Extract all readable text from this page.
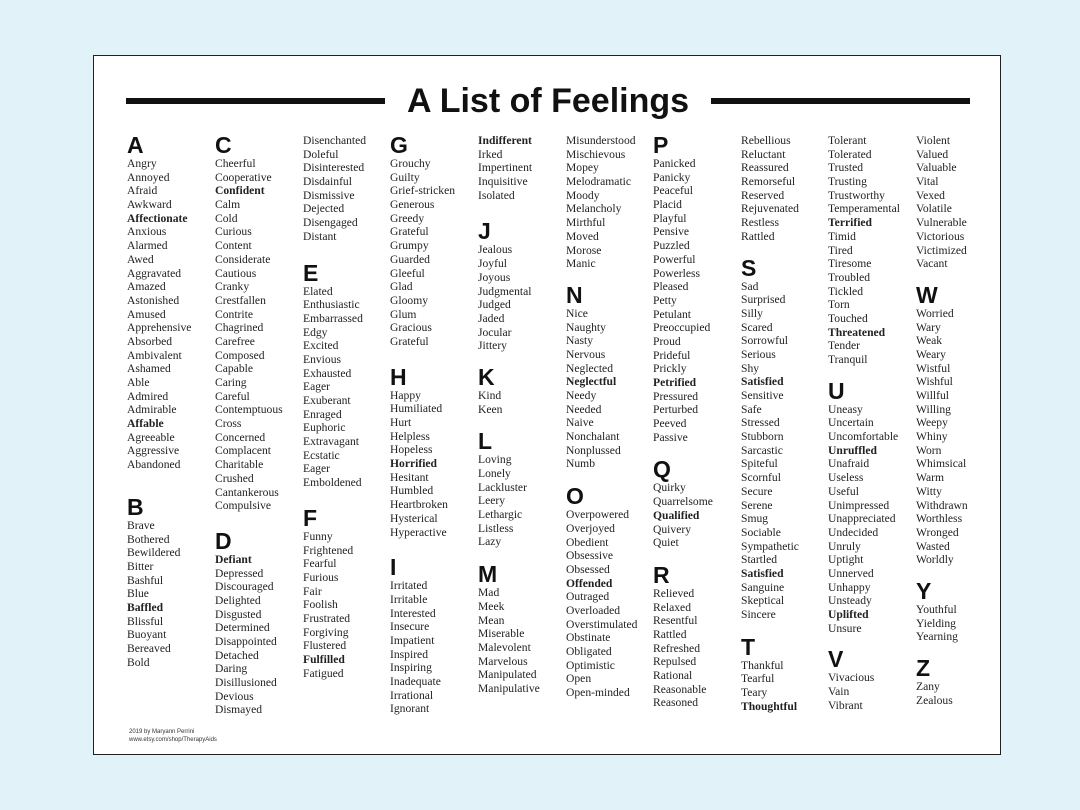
A List of Feelings
A
Angry
Annoyed
Afraid
Awkward
Affectionate
Anxious
Alarmed
Awed
Aggravated
Amazed
Astonished
Amused
Apprehensive
Absorbed
Ambivalent
Ashamed
Able
Admired
Admirable
Affable
Agreeable
Aggressive
Abandoned
B
Brave
Bothered
Bewildered
Bitter
Bashful
Blue
Baffled
Blissful
Buoyant
Bereaved
Bold
C
Cheerful
Cooperative
Confident
Calm
Cold
Curious
Content
Considerate
Cautious
Cranky
Crestfallen
Contrite
Chagrined
Carefree
Composed
Capable
Caring
Careful
Contemptuous
Cross
Concerned
Complacent
Charitable
Crushed
Cantankerous
Compulsive
D
Defiant
Depressed
Discouraged
Delighted
Disgusted
Determined
Disappointed
Detached
Daring
Disillusioned
Devious
Dismayed
Disenchanted
Doleful
Disinterested
Disdainful
Dismissive
Dejected
Disengaged
Distant
E
Elated
Enthusiastic
Embarrassed
Edgy
Excited
Envious
Exhausted
Eager
Exuberant
Enraged
Euphoric
Extravagant
Ecstatic
Eager
Emboldened
F
Funny
Frightened
Fearful
Furious
Fair
Foolish
Frustrated
Forgiving
Flustered
Fulfilled
Fatigued
G
Grouchy
Guilty
Grief-stricken
Generous
Greedy
Grateful
Grumpy
Guarded
Gleeful
Glad
Gloomy
Glum
Gracious
Grateful
H
Happy
Humiliated
Hurt
Helpless
Hopeless
Horrified
Hesitant
Humbled
Heartbroken
Hysterical
Hyperactive
I
Irritated
Irritable
Interested
Insecure
Impatient
Inspired
Inspiring
Inadequate
Irrational
Ignorant
Indifferent
Irked
Impertinent
Inquisitive
Isolated
J
Jealous
Joyful
Joyous
Judgmental
Judged
Jaded
Jocular
Jittery
K
Kind
Keen
L
Loving
Lonely
Lackluster
Leery
Lethargic
Listless
Lazy
M
Mad
Meek
Mean
Miserable
Malevolent
Marvelous
Manipulated
Manipulative
Misunderstood
Mischievous
Mopey
Melodramatic
Moody
Melancholy
Mirthful
Moved
Morose
Manic
N
Nice
Naughty
Nasty
Nervous
Neglected
Neglectful
Needy
Needed
Naive
Nonchalant
Nonplussed
Numb
O
Overpowered
Overjoyed
Obedient
Obsessive
Obsessed
Offended
Outraged
Overloaded
Overstimulated
Obstinate
Obligated
Optimistic
Open
Open-minded
P
Panicked
Panicky
Peaceful
Placid
Playful
Pensive
Puzzled
Powerful
Powerless
Pleased
Petty
Petulant
Preoccupied
Proud
Prideful
Prickly
Petrified
Pressured
Perturbed
Peeved
Passive
Q
Quirky
Quarrelsome
Qualified
Quivery
Quiet
R
Relieved
Relaxed
Resentful
Rattled
Refreshed
Repulsed
Rational
Reasonable
Reasoned
Rebellious
Reluctant
Reassured
Remorseful
Reserved
Rejuvenated
Restless
Rattled
S
Sad
Surprised
Silly
Scared
Sorrowful
Serious
Shy
Satisfied
Sensitive
Safe
Stressed
Stubborn
Sarcastic
Spiteful
Scornful
Secure
Serene
Smug
Sociable
Sympathetic
Startled
Satisfied
Sanguine
Skeptical
Sincere
T
Thankful
Tearful
Teary
Thoughtful
Tolerant
Tolerated
Trusted
Trusting
Trustworthy
Temperamental
Terrified
Timid
Tired
Tiresome
Troubled
Tickled
Torn
Touched
Threatened
Tender
Tranquil
U
Uneasy
Uncertain
Uncomfortable
Unruffled
Unafraid
Useless
Useful
Unimpressed
Unappreciated
Undecided
Unruly
Uptight
Unnerved
Unhappy
Unsteady
Uplifted
Unsure
V
Vivacious
Vain
Vibrant
Violent
Valued
Valuable
Vital
Vexed
Volatile
Vulnerable
Victorious
Victimized
Vacant
W
Worried
Wary
Weak
Weary
Wistful
Wishful
Willful
Willing
Weepy
Whiny
Worn
Whimsical
Warm
Witty
Withdrawn
Worthless
Wronged
Wasted
Worldly
Y
Youthful
Yielding
Yearning
Z
Zany
Zealous
2019 by Maryann Perrini
www.etsy.com/shop/TherapyAids
